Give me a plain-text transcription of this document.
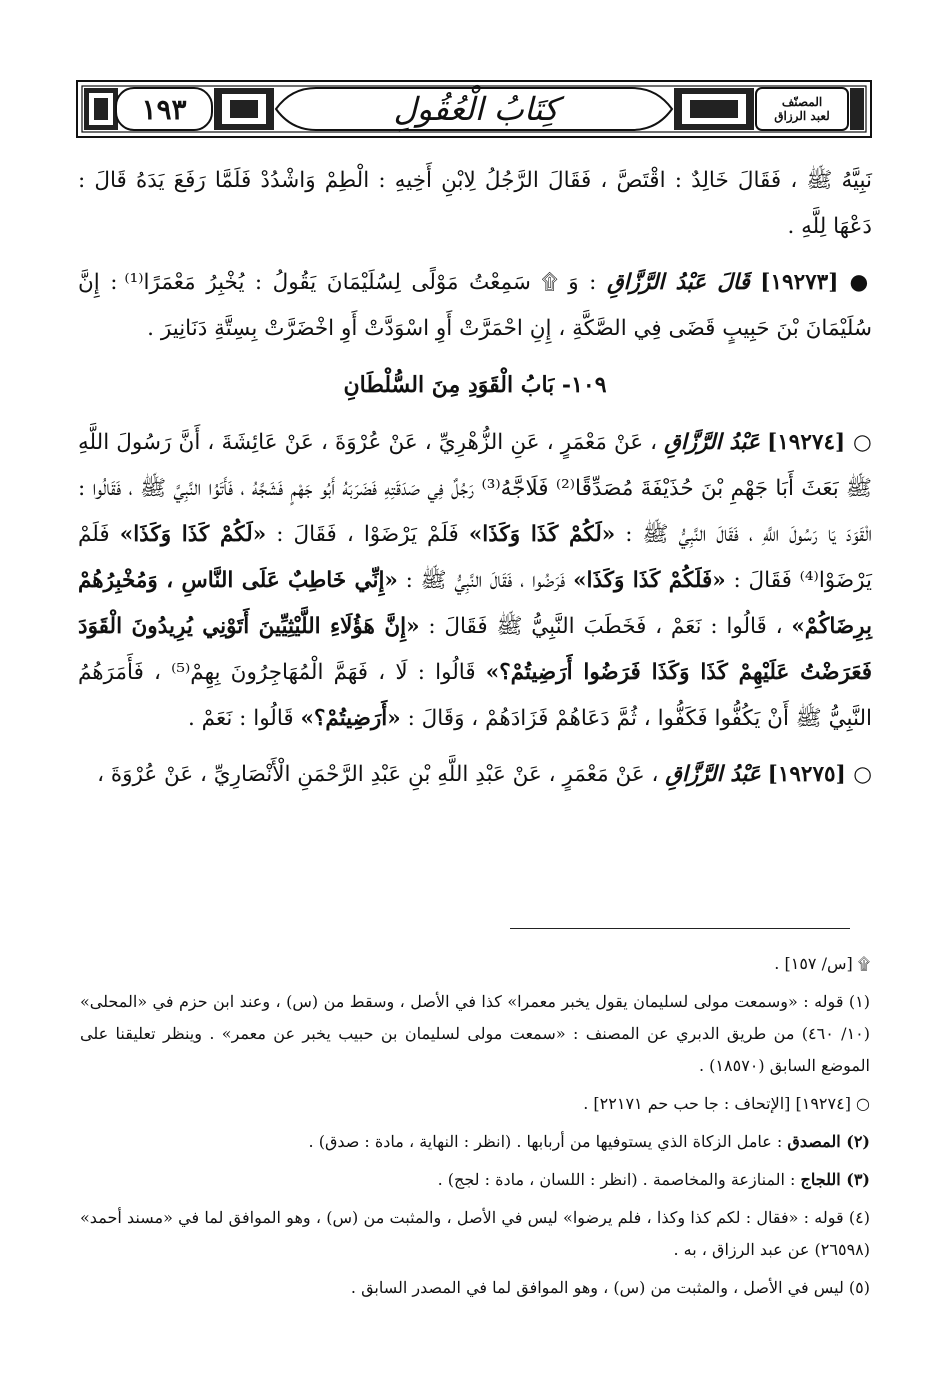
١٩٣	كِتَابُ الْعُقُولِ	المصنّف
لعبد الرزاق

نَبِيَّهُ ﷺ ، فَقَالَ خَالِدٌ : اقْتَصَّ ، فَقَالَ الرَّجُلُ لِابْنِ أَخِيهِ : الْطِمْ وَاشْدُدْ فَلَمَّا رَفَعَ يَدَهُ قَالَ : دَعْهَا لِلَّهِ .

● [١٩٢٧٣] قَالَ عَبْدُ الرَّزَّاقِ : وَ ۩ سَمِعْتُ مَوْلًى لِسُلَيْمَانَ يَقُولُ : يُخْبِرُ مَعْمَرًا⁽¹⁾ : إِنَّ سُلَيْمَانَ بْنَ حَبِيبٍ قَضَى فِي الصَّكَّةِ ، إِنِ احْمَرَّتْ أَوِ اسْوَدَّتْ أَوِ اخْضَرَّتْ بِسِتَّةِ دَنَانِيرَ .

١٠٩- بَابُ الْقَوَدِ مِنَ السُّلْطَانِ

○ [١٩٢٧٤] عَبْدُ الرَّزَّاقِ ، عَنْ مَعْمَرٍ ، عَنِ الزُّهْرِيِّ ، عَنْ عُرْوَةَ ، عَنْ عَائِشَةَ ، أَنَّ رَسُولَ اللَّهِ ﷺ بَعَثَ أَبَا جَهْمِ بْنَ حُذَيْفَةَ مُصَدِّقًا⁽²⁾ فَلَاجَّهُ⁽³⁾ رَجُلٌ فِي صَدَقَتِهِ فَضَرَبَهُ أَبُو جَهْمٍ فَشَجَّهُ ، فَأَتَوُا النَّبِيَّ ﷺ ، فَقَالُوا : الْقَوَدَ يَا رَسُولَ اللَّهِ ، فَقَالَ النَّبِيُّ ﷺ : «لَكُمْ كَذَا وَكَذَا» فَلَمْ يَرْضَوْا ، فَقَالَ : «لَكُمْ كَذَا وَكَذَا» فَلَمْ يَرْضَوْا⁽⁴⁾ فَقَالَ : «فَلَكُمْ كَذَا وَكَذَا» فَرَضُوا ، فَقَالَ النَّبِيُّ ﷺ : «إِنِّي خَاطِبٌ عَلَى النَّاسِ ، وَمُخْبِرُهُمْ بِرِضَاكُمْ» ، قَالُوا : نَعَمْ ، فَخَطَبَ النَّبِيُّ ﷺ فَقَالَ : «إِنَّ هَؤُلَاءِ اللَّيْثِيِّينَ أَتَوْنِي يُرِيدُونَ الْقَوَدَ فَعَرَضْتُ عَلَيْهِمْ كَذَا وَكَذَا فَرَضُوا أَرَضِيتُمْ؟» قَالُوا : لَا ، فَهَمَّ الْمُهَاجِرُونَ بِهِمْ⁽⁵⁾ ، فَأَمَرَهُمُ النَّبِيُّ ﷺ أَنْ يَكُفُّوا فَكَفُّوا ، ثُمَّ دَعَاهُمْ فَزَادَهُمْ ، وَقَالَ : «أَرَضِيتُمْ؟» قَالُوا : نَعَمْ .

○ [١٩٢٧٥] عَبْدُ الرَّزَّاقِ ، عَنْ مَعْمَرٍ ، عَنْ عَبْدِ اللَّهِ بْنِ عَبْدِ الرَّحْمَنِ الْأَنْصَارِيِّ ، عَنْ عُرْوَةَ ،

۩ [س/ ١٥٧] .

(١) قوله : «وسمعت مولى لسليمان يقول يخبر معمرا» كذا في الأصل ، وسقط من (س) ، وعند ابن حزم في «المحلى» (١٠/ ٤٦٠) من طريق الدبري عن المصنف : «سمعت مولى لسليمان بن حبيب يخبر عن معمر» . وينظر تعليقنا على الموضع السابق (١٨٥٧٠) .

○ [١٩٢٧٤] [الإتحاف : جا حب حم ٢٢١٧١] .

(٢) المصدق : عامل الزكاة الذي يستوفيها من أربابها . (انظر : النهاية ، مادة : صدق) .

(٣) اللجاج : المنازعة والمخاصمة . (انظر : اللسان ، مادة : لجج) .

(٤) قوله : «فقال : لكم كذا وكذا ، فلم يرضوا» ليس في الأصل ، والمثبت من (س) ، وهو الموافق لما في «مسند أحمد» (٢٦٥٩٨) عن عبد الرزاق ، به .

(٥) ليس في الأصل ، والمثبت من (س) ، وهو الموافق لما في المصدر السابق .
